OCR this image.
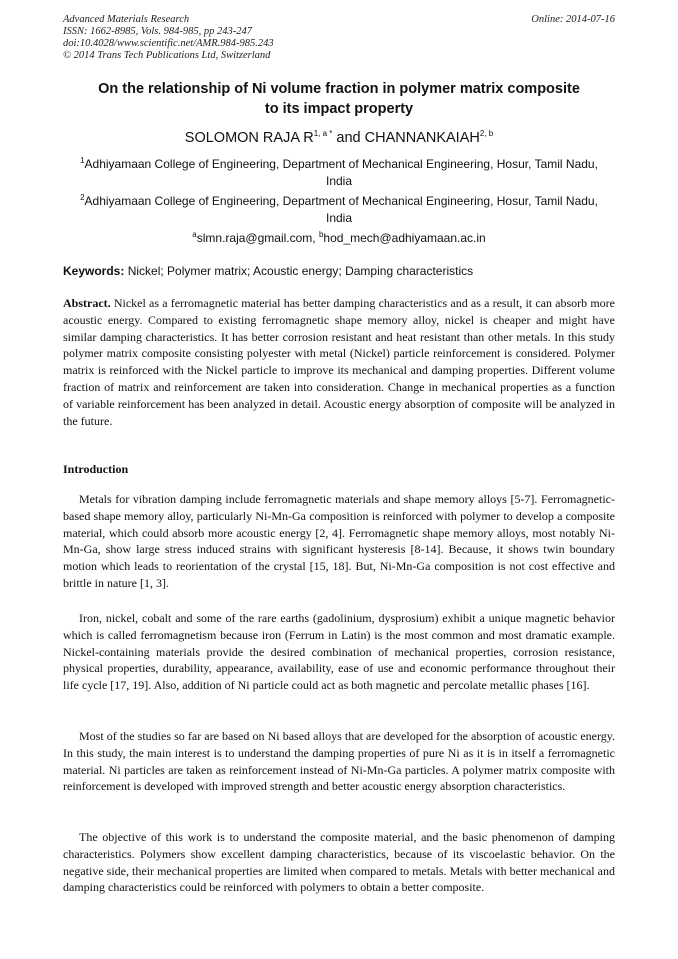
Advanced Materials Research
ISSN: 1662-8985, Vols. 984-985, pp 243-247
doi:10.4028/www.scientific.net/AMR.984-985.243
© 2014 Trans Tech Publications Ltd, Switzerland
Online: 2014-07-16
On the relationship of Ni volume fraction in polymer matrix composite
to its impact property
SOLOMON RAJA $R^{1, a *}$ and CHANNANKAIAH$^{2, b}$
$^1$Adhiyamaan College of Engineering, Department of Mechanical Engineering, Hosur, Tamil Nadu,
India
$^2$Adhiyamaan College of Engineering, Department of Mechanical Engineering, Hosur, Tamil Nadu,
India
$^a$slmn.raja@gmail.com, $^b$hod_mech@adhiyamaan.ac.in
Keywords: Nickel; Polymer matrix; Acoustic energy; Damping characteristics

Abstract. Nickel as a ferromagnetic material has better damping characteristics and as a result, it can absorb more acoustic energy. Compared to existing ferromagnetic shape memory alloy, nickel is cheaper and might have similar damping characteristics. It has better corrosion resistant and heat resistant than other metals. In this study polymer matrix composite consisting polyester with metal (Nickel) particle reinforcement is considered. Polymer matrix is reinforced with the Nickel particle to improve its mechanical and damping properties. Different volume fraction of matrix and reinforcement are taken into consideration. Change in mechanical properties as a function of variable reinforcement has been analyzed in detail. Acoustic energy absorption of composite will be analyzed in the future.

Introduction

Metals for vibration damping include ferromagnetic materials and shape memory alloys [5-7]. Ferromagnetic-based shape memory alloy, particularly Ni-Mn-Ga composition is reinforced with polymer to develop a composite material, which could absorb more acoustic energy [2, 4]. Ferromagnetic shape memory alloys, most notably Ni-Mn-Ga, show large stress induced strains with significant hysteresis [8-14]. Because, it shows twin boundary motion which leads to reorientation of the crystal [15, 18]. But, Ni-Mn-Ga composition is not cost effective and brittle in nature [1, 3].

Iron, nickel, cobalt and some of the rare earths (gadolinium, dysprosium) exhibit a unique magnetic behavior which is called ferromagnetism because iron (Ferrum in Latin) is the most common and most dramatic example. Nickel-containing materials provide the desired combination of mechanical properties, corrosion resistance, physical properties, durability, appearance, availability, ease of use and economic performance throughout their life cycle [17, 19]. Also, addition of Ni particle could act as both magnetic and percolate metallic phases [16].

Most of the studies so far are based on Ni based alloys that are developed for the absorption of acoustic energy. In this study, the main interest is to understand the damping properties of pure Ni as it is in itself a ferromagnetic material. Ni particles are taken as reinforcement instead of Ni-Mn-Ga particles. A polymer matrix composite with reinforcement is developed with improved strength and better acoustic energy absorption characteristics.

The objective of this work is to understand the composite material, and the basic phenomenon of damping characteristics. Polymers show excellent damping characteristics, because of its viscoelastic behavior. On the negative side, their mechanical properties are limited when compared to metals. Metals with better mechanical and damping characteristics could be reinforced with polymers to obtain a better composite.
